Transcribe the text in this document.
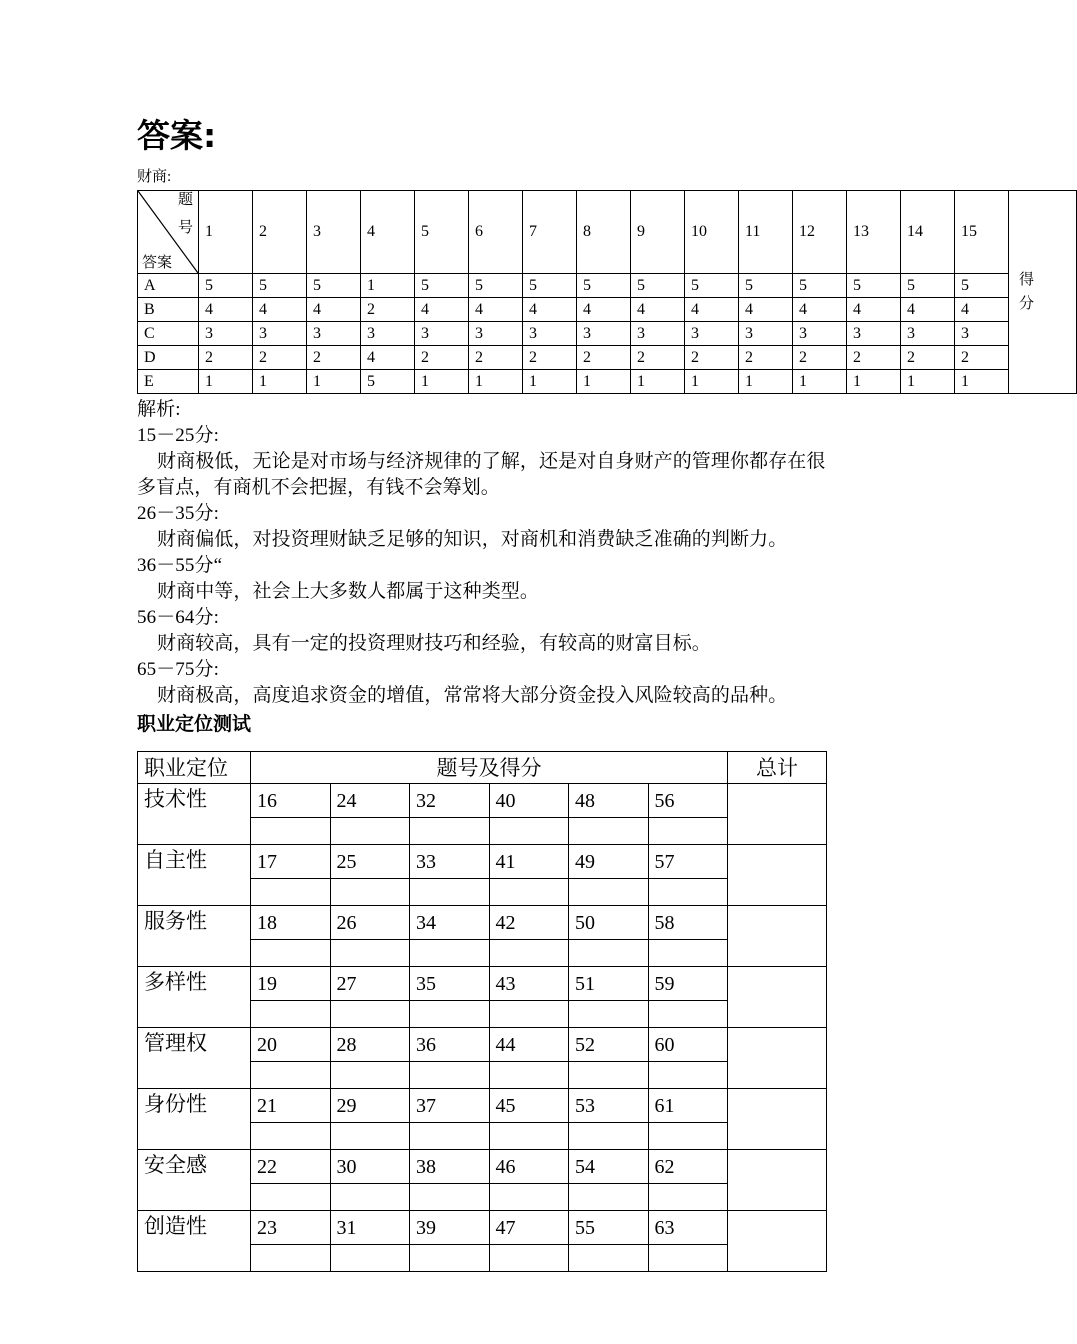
答案:

财商:

题
号
答案	1	2	3	4	5	6	7	8	9	10	11	12	13	14	15	得
分

A	5	5	5	1	5	5	5	5	5	5	5	5	5	5	5	
B	4	4	4	2	4	4	4	4	4	4	4	4	4	4	4	
C	3	3	3	3	3	3	3	3	3	3	3	3	3	3	3	
D	2	2	2	4	2	2	2	2	2	2	2	2	2	2	2	
E	1	1	1	5	1	1	1	1	1	1	1	1	1	1	1	
解析:
15－25分:
财商极低，无论是对市场与经济规律的了解，还是对自身财产的管理你都存在很多盲点，有商机不会把握，有钱不会筹划。
26－35分:
财商偏低，对投资理财缺乏足够的知识，对商机和消费缺乏准确的判断力。
36－55分“
财商中等，社会上大多数人都属于这种类型。
56－64分:
财商较高，具有一定的投资理财技巧和经验，有较高的财富目标。
65－75分:
财商极高，高度追求资金的增值，常常将大部分资金投入风险较高的品种。
职业定位测试
职业定位	题号及得分						总计
技术性	16	24	32	40	48	56	

自主性	17	25	33	41	49	57	

服务性	18	26	34	42	50	58	

多样性	19	27	35	43	51	59	

管理权	20	28	36	44	52	60	

身份性	21	29	37	45	53	61	

安全感	22	30	38	46	54	62	

创造性	23	31	39	47	55	63	
